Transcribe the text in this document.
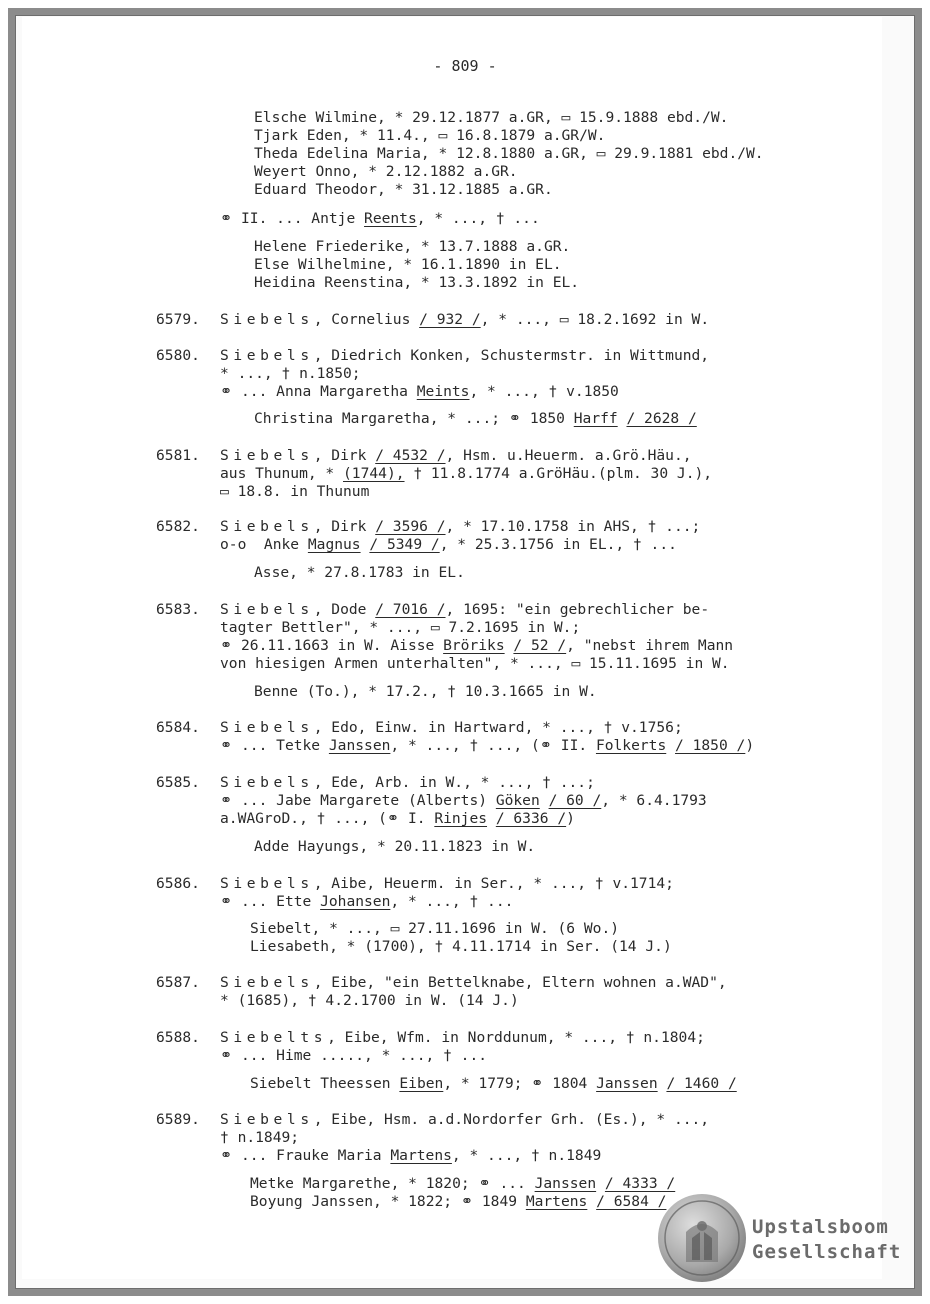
- 809 -
Elsche Wilmine, * 29.12.1877 a.GR, ▭ 15.9.1888 ebd./W.
Tjark Eden, * 11.4., ▭ 16.8.1879 a.GR/W.
Theda Edelina Maria, * 12.8.1880 a.GR, ▭ 29.9.1881 ebd./W.
Weyert Onno, * 2.12.1882 a.GR.
Eduard Theodor, * 31.12.1885 a.GR.
⚭ II. ... Antje Reents, * ..., † ...
Helene Friederike, * 13.7.1888 a.GR.
Else Wilhelmine, * 16.1.1890 in EL.
Heidina Reenstina, * 13.3.1892 in EL.
6579. Siebels, Cornelius / 932 /, * ..., ▭ 18.2.1692 in W.
6580. Siebels, Diedrich Konken, Schustermstr. in Wittmund,
* ..., † n.1850;
⚭ ... Anna Margaretha Meints, * ..., † v.1850
Christina Margaretha, * ...; ⚭ 1850 Harff / 2628 /
6581. Siebels, Dirk / 4532 /, Hsm. u.Heuerm. a.Grö.Häu.,
aus Thunum, * (1744), † 11.8.1774 a.GröHäu.(plm. 30 J.),
▭ 18.8. in Thunum
6582. Siebels, Dirk / 3596 /, * 17.10.1758 in AHS, † ...;
o-o  Anke Magnus / 5349 /, * 25.3.1756 in EL., † ...
Asse, * 27.8.1783 in EL.
6583. Siebels, Dode / 7016 /, 1695: "ein gebrechlicher be-
tagter Bettler", * ..., ▭ 7.2.1695 in W.;
⚭ 26.11.1663 in W. Aisse Bröriks / 52 /, "nebst ihrem Mann
von hiesigen Armen unterhalten", * ..., ▭ 15.11.1695 in W.
Benne (To.), * 17.2., † 10.3.1665 in W.
6584. Siebels, Edo, Einw. in Hartward, * ..., † v.1756;
⚭ ... Tetke Janssen, * ..., † ..., (⚭ II. Folkerts / 1850 /)
6585. Siebels, Ede, Arb. in W., * ..., † ...;
⚭ ... Jabe Margarete (Alberts) Göken / 60 /, * 6.4.1793
a.WAGroD., † ..., (⚭ I. Rinjes / 6336 /)
Adde Hayungs, * 20.11.1823 in W.
6586. Siebels, Aibe, Heuerm. in Ser., * ..., † v.1714;
⚭ ... Ette Johansen, * ..., † ...
Siebelt, * ..., ▭ 27.11.1696 in W. (6 Wo.)
Liesabeth, * (1700), † 4.11.1714 in Ser. (14 J.)
6587. Siebels, Eibe, "ein Bettelknabe, Eltern wohnen a.WAD",
* (1685), † 4.2.1700 in W. (14 J.)
6588. Siebelts, Eibe, Wfm. in Norddunum, * ..., † n.1804;
⚭ ... Hime ....., * ..., † ...
Siebelt Theessen Eiben, * 1779; ⚭ 1804 Janssen / 1460 /
6589. Siebels, Eibe, Hsm. a.d.Nordorfer Grh. (Es.), * ...,
† n.1849;
⚭ ... Frauke Maria Martens, * ..., † n.1849
Metke Margarethe, * 1820; ⚭ ... Janssen / 4333 /
Boyung Janssen, * 1822; ⚭ 1849 Martens / 6584 /
Upstalsboom
Gesellschaft
